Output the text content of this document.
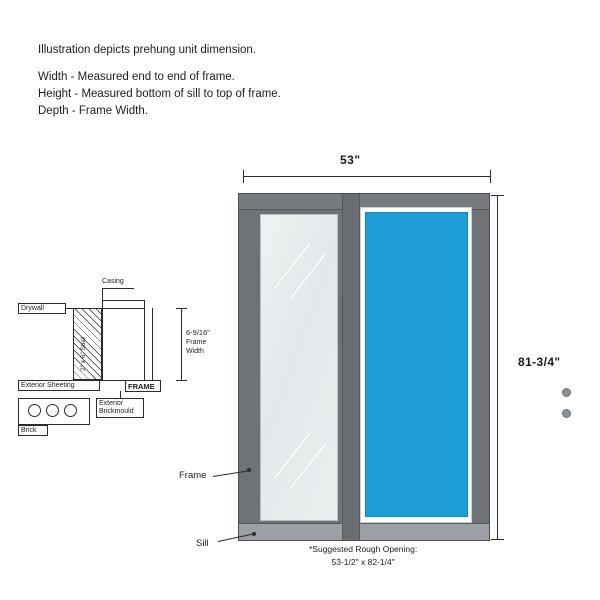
Illustration depicts prehung unit dimension.
Width - Measured end to end of frame.
Height - Measured bottom of sill to top of frame.
Depth - Frame Width.
53"
81-3/4"
Frame
Sill	*Suggested Rough Opening:
53-1/2" x 82-1/4"
Casing
Drywall
2" x 6" Stud
Exterior Sheeting	FRAME
6-9/16"
Frame
Width
Brick
Exterior
Brickmould
